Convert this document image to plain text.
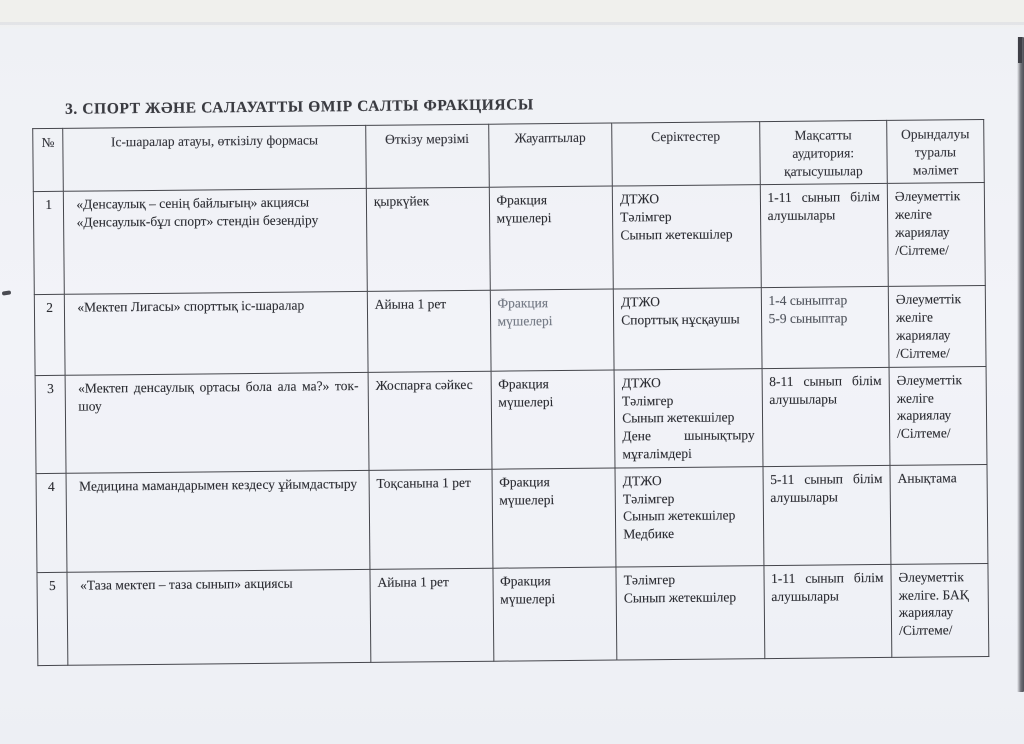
3. СПОРТ ЖӘНЕ САЛАУАТТЫ ӨМІР САЛТЫ ФРАКЦИЯСЫ
№	Іс-шаралар атауы, өткізілу формасы	Өткізу мерзімі	Жауаптылар	Серіктестер	Мақсатты
аудитория:
қатысушылар	Орындалуы
туралы
мәлімет
1	«Денсаулық – сенің байлығың» акциясы
«Денсаулык-бұл спорт» стендін безендіру	қыркүйек	Фракция
мүшелері	ДТЖО
Тәлімгер
Сынып жетекшілер	1-11 сынып білім алушылары	Әлеуметтік
желіге
жариялау
/Сілтеме/
2	«Мектеп Лигасы» спорттық іс-шаралар	Айына 1 рет	Фракция
мүшелері	ДТЖО
Спорттық нұсқаушы	1-4 сыныптар
5-9 сыныптар	Әлеуметтік
желіге
жариялау
/Сілтеме/
3	«Мектеп денсаулық ортасы бола ала ма?» ток-шоу	Жоспарға сәйкес	Фракция
мүшелері	ДТЖО
Тәлімгер
Сынып жетекшілер
Дене шынықтыру мұғалімдері	8-11 сынып білім алушылары	Әлеуметтік
желіге
жариялау
/Сілтеме/
4	Медицина мамандарымен кездесу ұйымдастыру	Тоқсанына 1 рет	Фракция
мүшелері	ДТЖО
Тәлімгер
Сынып жетекшілер
Медбике	5-11 сынып білім алушылары	Анықтама
5	«Таза мектеп – таза сынып» акциясы	Айына 1 рет	Фракция
мүшелері	Тәлімгер
Сынып жетекшілер	1-11 сынып білім алушылары	Әлеуметтік
желіге. БАҚ
жариялау
/Сілтеме/
